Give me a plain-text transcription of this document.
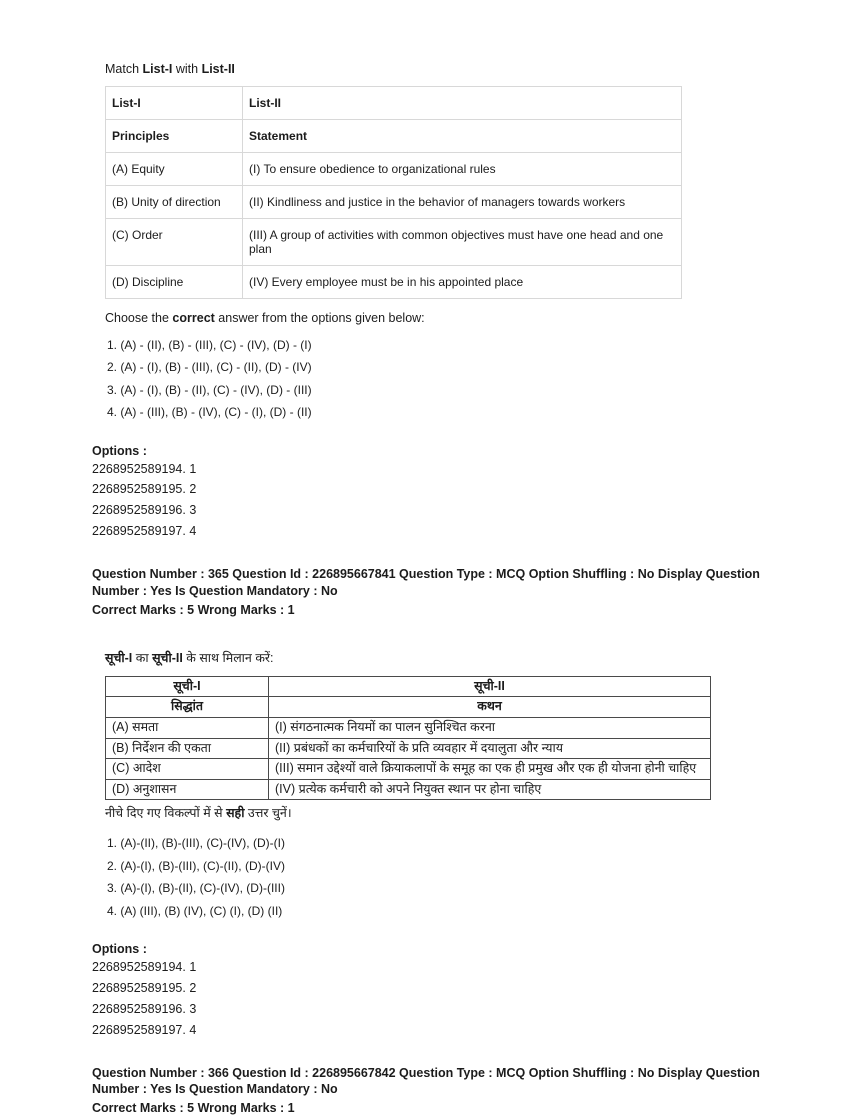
Match List-I with List-II

List-I	List-II
Principles	Statement
(A) Equity	(I) To ensure obedience to organizational rules
(B) Unity of direction	(II) Kindliness and justice in the behavior of managers towards workers
(C) Order	(III) A group of activities with common objectives must have one head and one plan
(D) Discipline	(IV) Every employee must be in his appointed place

Choose the correct answer from the options given below:

1. (A) - (II), (B) - (III), (C) - (IV), (D) - (I)

2. (A) - (I), (B) - (III), (C) - (II), (D) - (IV)

3. (A) - (I), (B) - (II), (C) - (IV), (D) - (III)

4. (A) - (III), (B) - (IV), (C) - (I), (D) - (II)

Options :

2268952589194. 1

2268952589195. 2

2268952589196. 3

2268952589197. 4

Question Number : 365 Question Id : 226895667841 Question Type : MCQ Option Shuffling : No Display Question Number : Yes Is Question Mandatory : No

Correct Marks : 5 Wrong Marks : 1

सूची-I का सूची-II के साथ मिलान करें:

सूची-I	सूची-II
सिद्धांत	कथन
(A) समता	(I) संगठनात्मक नियमों का पालन सुनिश्चित करना
(B) निर्देशन की एकता	(II) प्रबंधकों का कर्मचारियों के प्रति व्यवहार में दयालुता और न्याय
(C) आदेश	(III) समान उद्देश्यों वाले क्रियाकलापों के समूह का एक ही प्रमुख और एक ही योजना होनी चाहिए
(D) अनुशासन	(IV) प्रत्येक कर्मचारी को अपने नियुक्त स्थान पर होना चाहिए

नीचे दिए गए विकल्पों में से सही उत्तर चुनें।

1. (A)-(II), (B)-(III), (C)-(IV), (D)-(I)

2. (A)-(I), (B)-(III), (C)-(II), (D)-(IV)

3. (A)-(I), (B)-(II), (C)-(IV), (D)-(III)

4. (A) (III), (B) (IV), (C) (I), (D) (II)

Options :

2268952589194. 1

2268952589195. 2

2268952589196. 3

2268952589197. 4

Question Number : 366 Question Id : 226895667842 Question Type : MCQ Option Shuffling : No Display Question Number : Yes Is Question Mandatory : No

Correct Marks : 5 Wrong Marks : 1
